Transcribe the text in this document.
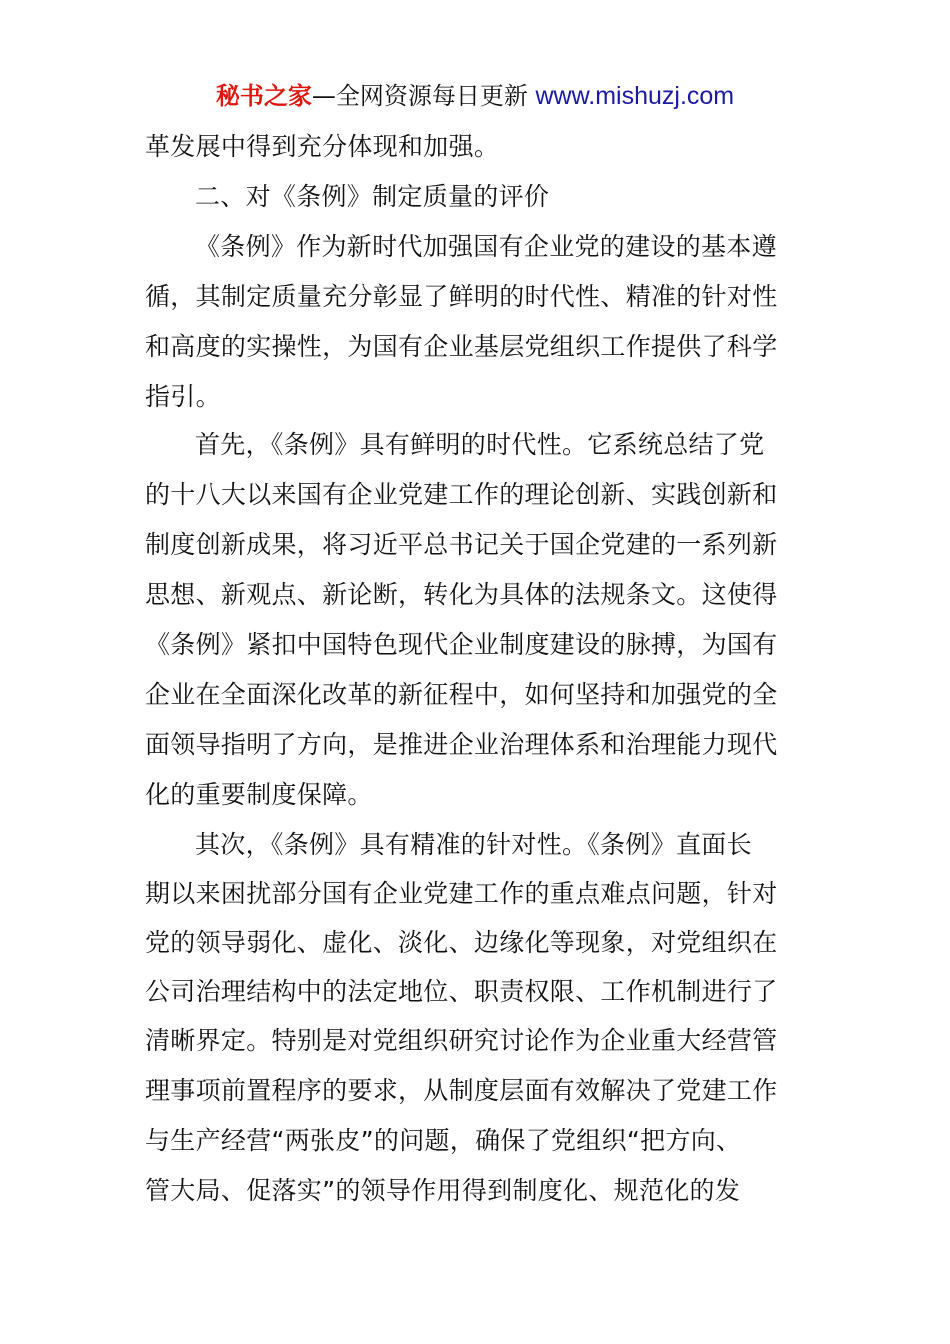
秘书之家—全网资源每日更新 www.mishuzj.com
革发展中得到充分体现和加强。
二、对《条例》制定质量的评价
《条例》作为新时代加强国有企业党的建设的基本遵
循，其制定质量充分彰显了鲜明的时代性、精准的针对性
和高度的实操性，为国有企业基层党组织工作提供了科学
指引。
首先，《条例》具有鲜明的时代性。它系统总结了党
的十八大以来国有企业党建工作的理论创新、实践创新和
制度创新成果，将习近平总书记关于国企党建的一系列新
思想、新观点、新论断，转化为具体的法规条文。这使得
《条例》紧扣中国特色现代企业制度建设的脉搏，为国有
企业在全面深化改革的新征程中，如何坚持和加强党的全
面领导指明了方向，是推进企业治理体系和治理能力现代
化的重要制度保障。
其次，《条例》具有精准的针对性。《条例》直面长
期以来困扰部分国有企业党建工作的重点难点问题，针对
党的领导弱化、虚化、淡化、边缘化等现象，对党组织在
公司治理结构中的法定地位、职责权限、工作机制进行了
清晰界定。特别是对党组织研究讨论作为企业重大经营管
理事项前置程序的要求，从制度层面有效解决了党建工作
与生产经营“两张皮”的问题，确保了党组织“把方向、
管大局、促落实”的领导作用得到制度化、规范化的发
